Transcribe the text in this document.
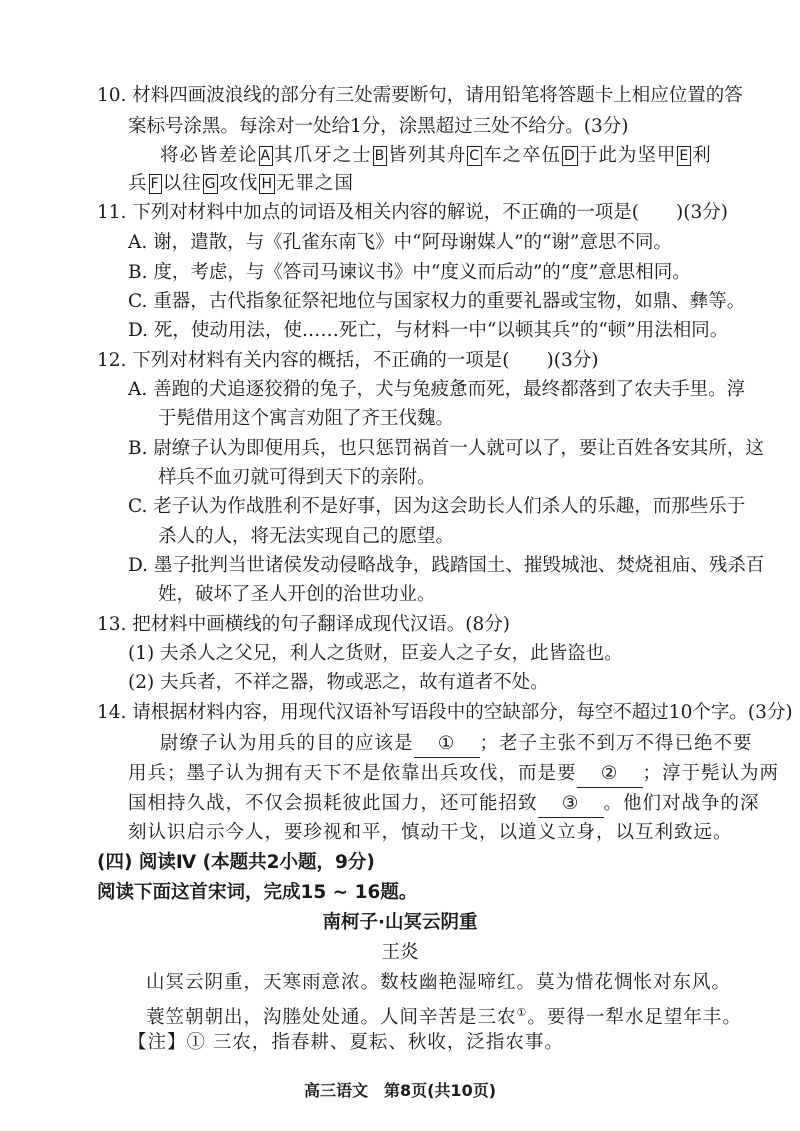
10. 材料四画波浪线的部分有三处需要断句，请用铅笔将答题卡上相应位置的答
案标号涂黑。每涂对一处给1分，涂黑超过三处不给分。(3分)
将必皆差论 A 其爪牙之士 B 皆列其舟 C 车之卒伍 D 于此为坚甲 E 利
兵 F 以往 G 攻伐 H 无罪之国
11. 下列对材料中加点的词语及相关内容的解说，不正确的一项是(　　)(3分)
A. 谢，遣散，与《孔雀东南飞》中“阿母谢媒人”的“谢”意思不同。
B. 度，考虑，与《答司马谏议书》中“度义而后动”的“度”意思相同。
C. 重器，古代指象征祭祀地位与国家权力的重要礼器或宝物，如鼎、彝等。
D. 死，使动用法，使……死亡，与材料一中“以顿其兵”的“顿”用法相同。
12. 下列对材料有关内容的概括，不正确的一项是(　　)(3分)
A. 善跑的犬追逐狡猾的兔子，犬与兔疲惫而死，最终都落到了农夫手里。淳
于髡借用这个寓言劝阻了齐王伐魏。
B. 尉缭子认为即便用兵，也只惩罚祸首一人就可以了，要让百姓各安其所，这
样兵不血刃就可得到天下的亲附。
C. 老子认为作战胜利不是好事，因为这会助长人们杀人的乐趣，而那些乐于
杀人的人，将无法实现自己的愿望。
D. 墨子批判当世诸侯发动侵略战争，践踏国土、摧毁城池、焚烧祖庙、残杀百
姓，破坏了圣人开创的治世功业。
13. 把材料中画横线的句子翻译成现代汉语。(8分)
(1) 夫杀人之父兄，利人之货财，臣妾人之子女，此皆盗也。
(2) 夫兵者，不祥之器，物或恶之，故有道者不处。
14. 请根据材料内容，用现代汉语补写语段中的空缺部分，每空不超过10个字。(3分)
尉缭子认为用兵的目的应该是 ① ；老子主张不到万不得已绝不要
用兵；墨子认为拥有天下不是依靠出兵攻伐，而是要 ② ；淳于髡认为两
国相持久战，不仅会损耗彼此国力，还可能招致 ③ 。他们对战争的深
刻认识启示今人，要珍视和平，慎动干戈，以道义立身，以互利致远。
(四) 阅读Ⅳ (本题共2小题，9分)
阅读下面这首宋词，完成15 ~ 16题。
南柯子·山冥云阴重
王炎
山冥云阴重，天寒雨意浓。数枝幽艳湿啼红。莫为惜花惆怅对东风。
蓑笠朝朝出，沟塍处处通。人间辛苦是三农①。要得一犁水足望年丰。
【注】① 三农，指春耕、夏耘、秋收，泛指农事。
高三语文　第8页(共10页)
